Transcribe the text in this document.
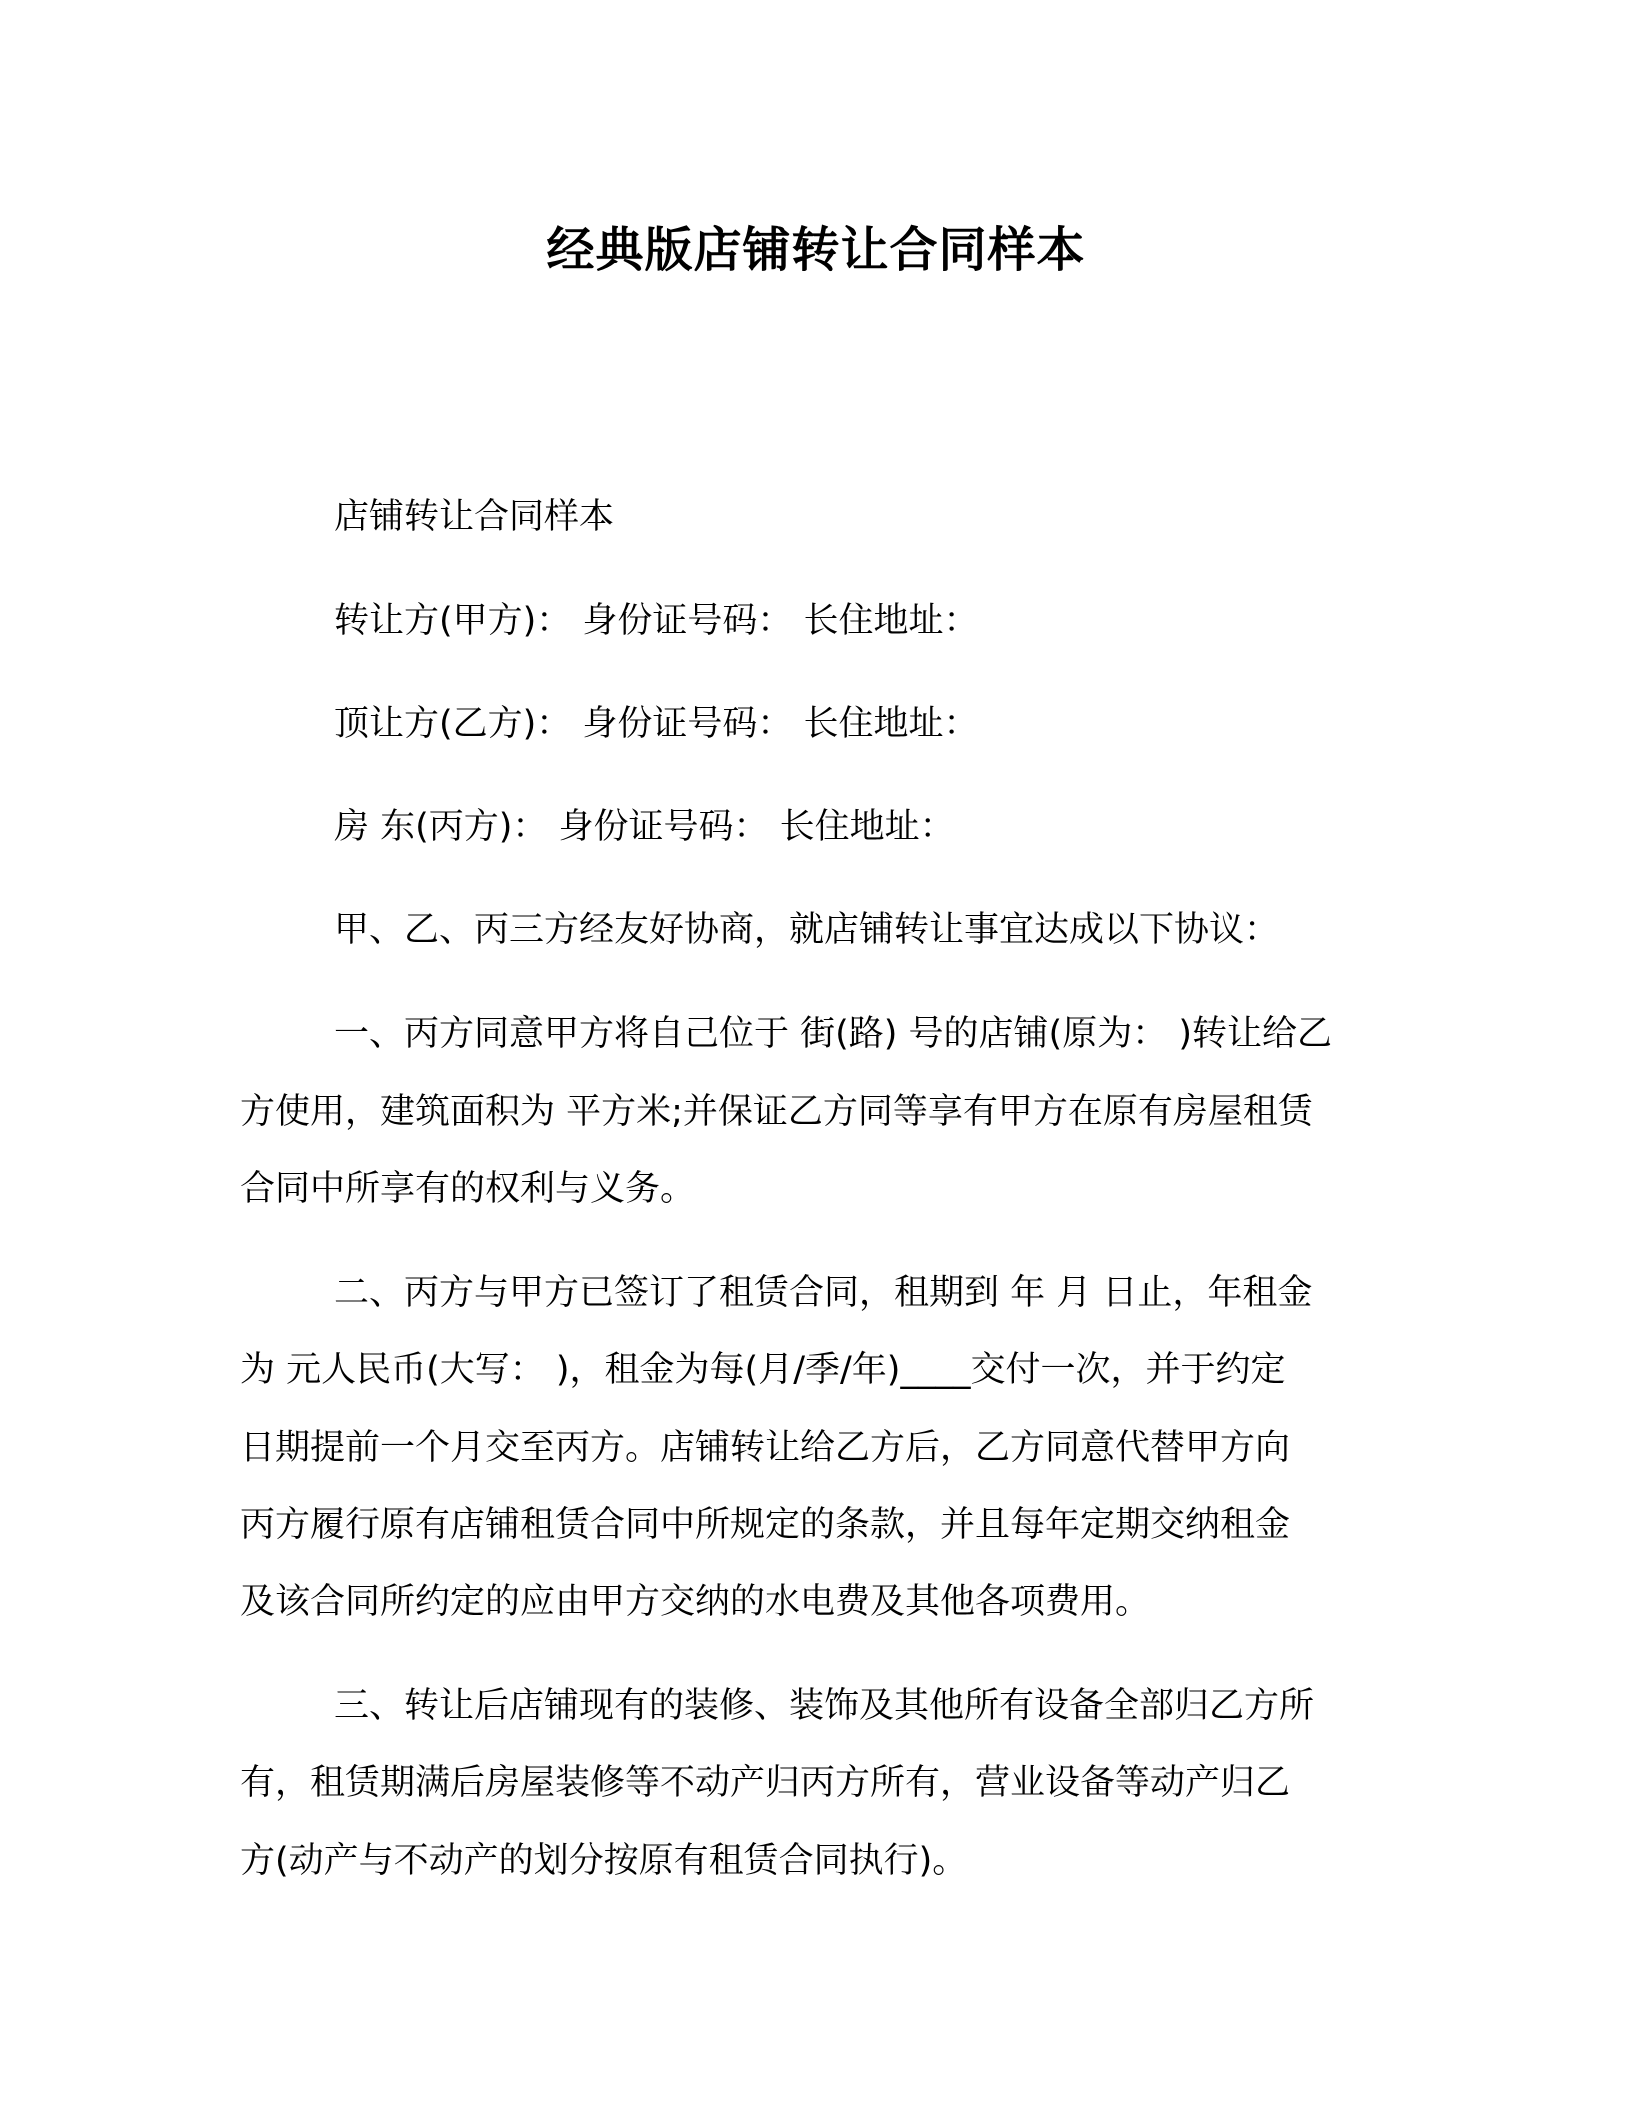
经典版店铺转让合同样本
店铺转让合同样本
转让方(甲方)： 身份证号码： 长住地址：
顶让方(乙方)： 身份证号码： 长住地址：
房 东(丙方)： 身份证号码： 长住地址：
甲、乙、丙三方经友好协商，就店铺转让事宜达成以下协议：
一、丙方同意甲方将自己位于 街(路) 号的店铺(原为： )转让给乙
方使用，建筑面积为 平方米;并保证乙方同等享有甲方在原有房屋租赁
合同中所享有的权利与义务。
二、丙方与甲方已签订了租赁合同，租期到 年 月 日止，年租金
为 元人民币(大写： )，租金为每(月/季/年)____交付一次，并于约定
日期提前一个月交至丙方。店铺转让给乙方后，乙方同意代替甲方向
丙方履行原有店铺租赁合同中所规定的条款，并且每年定期交纳租金
及该合同所约定的应由甲方交纳的水电费及其他各项费用。
三、转让后店铺现有的装修、装饰及其他所有设备全部归乙方所
有，租赁期满后房屋装修等不动产归丙方所有，营业设备等动产归乙
方(动产与不动产的划分按原有租赁合同执行)。
